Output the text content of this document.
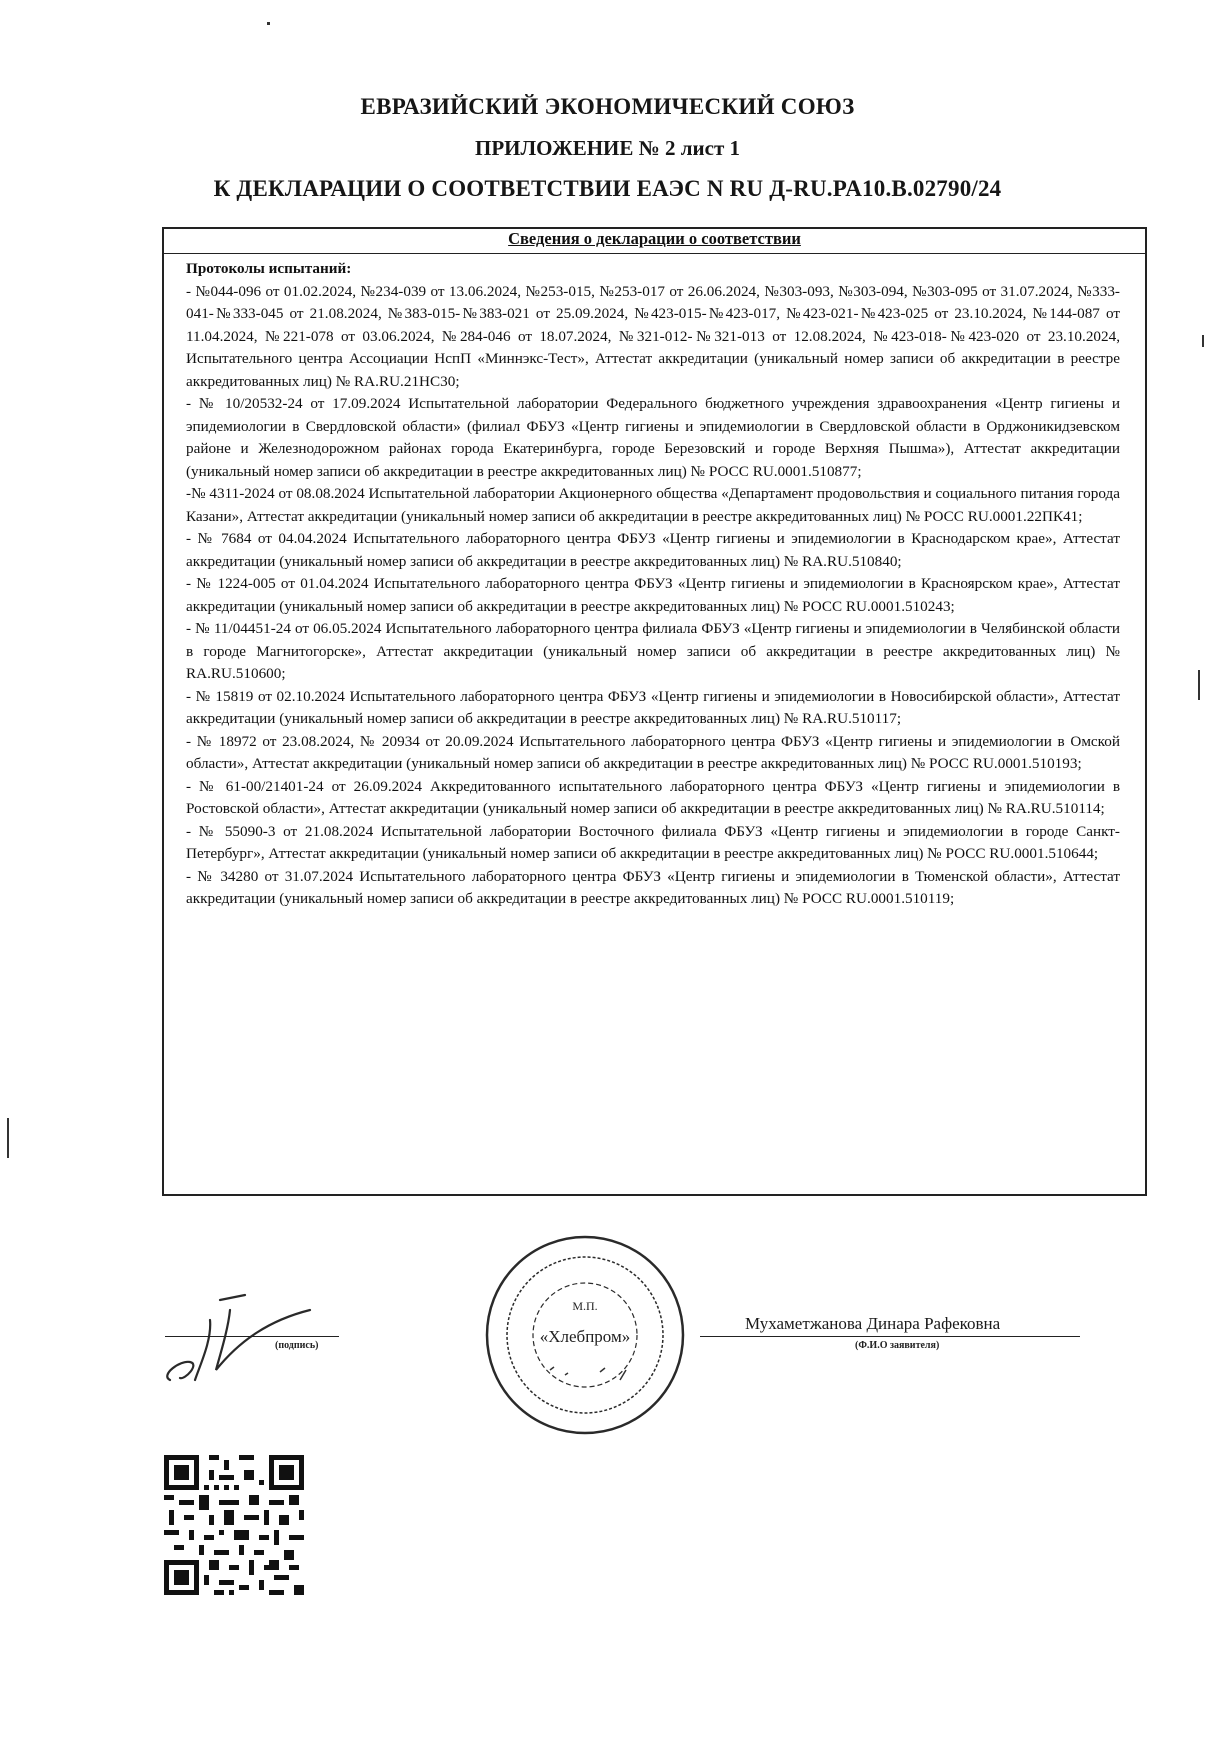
ЕВРАЗИЙСКИЙ ЭКОНОМИЧЕСКИЙ СОЮЗ
ПРИЛОЖЕНИЕ № 2 лист 1
К ДЕКЛАРАЦИИ О СООТВЕТСТВИИ ЕАЭС N RU Д-RU.PA10.B.02790/24
Сведения о декларации о соответствии

Протоколы испытаний:

- №044-096 от 01.02.2024, №234-039 от 13.06.2024, №253-015, №253-017 от 26.06.2024, №303-093, №303-094, №303-095 от 31.07.2024, №333-041-№333-045 от 21.08.2024, №383-015-№383-021 от 25.09.2024, №423-015-№423-017, №423-021-№423-025 от 23.10.2024, №144-087 от 11.04.2024, №221-078 от 03.06.2024, №284-046 от 18.07.2024, №321-012-№321-013 от 12.08.2024, №423-018-№423-020 от 23.10.2024, Испытательного центра Ассоциации НспП «Миннэкс-Тест», Аттестат аккредитации (уникальный номер записи об аккредитации в реестре аккредитованных лиц) № RA.RU.21НС30;

- № 10/20532-24 от 17.09.2024 Испытательной лаборатории Федерального бюджетного учреждения здравоохранения «Центр гигиены и эпидемиологии в Свердловской области» (филиал ФБУЗ «Центр гигиены и эпидемиологии в Свердловской области в Орджоникидзевском районе и Железнодорожном районах города Екатеринбурга, городе Березовский и городе Верхняя Пышма»), Аттестат аккредитации (уникальный номер записи об аккредитации в реестре аккредитованных лиц) № РОСС RU.0001.510877;

-№ 4311-2024 от 08.08.2024 Испытательной лаборатории Акционерного общества «Департамент продовольствия и социального питания города Казани», Аттестат аккредитации (уникальный номер записи об аккредитации в реестре аккредитованных лиц) № РОСС RU.0001.22ПК41;

- № 7684 от 04.04.2024 Испытательного лабораторного центра ФБУЗ «Центр гигиены и эпидемиологии в Краснодарском крае», Аттестат аккредитации (уникальный номер записи об аккредитации в реестре аккредитованных лиц) № RA.RU.510840;

- № 1224-005 от 01.04.2024 Испытательного лабораторного центра ФБУЗ «Центр гигиены и эпидемиологии в Красноярском крае», Аттестат аккредитации (уникальный номер записи об аккредитации в реестре аккредитованных лиц) № РОСС RU.0001.510243;

- № 11/04451-24 от 06.05.2024 Испытательного лабораторного центра филиала ФБУЗ «Центр гигиены и эпидемиологии в Челябинской области в городе Магнитогорске», Аттестат аккредитации (уникальный номер записи об аккредитации в реестре аккредитованных лиц) № RA.RU.510600;

- № 15819 от 02.10.2024 Испытательного лабораторного центра ФБУЗ «Центр гигиены и эпидемиологии в Новосибирской области», Аттестат аккредитации (уникальный номер записи об аккредитации в реестре аккредитованных лиц) № RA.RU.510117;

- № 18972 от 23.08.2024, № 20934 от 20.09.2024 Испытательного лабораторного центра ФБУЗ «Центр гигиены и эпидемиологии в Омской области», Аттестат аккредитации (уникальный номер записи об аккредитации в реестре аккредитованных лиц) № РОСС RU.0001.510193;

- № 61-00/21401-24 от 26.09.2024 Аккредитованного испытательного лабораторного центра ФБУЗ «Центр гигиены и эпидемиологии в Ростовской области», Аттестат аккредитации (уникальный номер записи об аккредитации в реестре аккредитованных лиц) № RA.RU.510114;

- № 55090-3 от 21.08.2024 Испытательной лаборатории Восточного филиала ФБУЗ «Центр гигиены и эпидемиологии в городе Санкт-Петербург», Аттестат аккредитации (уникальный номер записи об аккредитации в реестре аккредитованных лиц) № РОСС RU.0001.510644;

- № 34280 от 31.07.2024 Испытательного лабораторного центра ФБУЗ «Центр гигиены и эпидемиологии в Тюменской области», Аттестат аккредитации (уникальный номер записи об аккредитации в реестре аккредитованных лиц) № РОСС RU.0001.510119;

(подпись)
Мухаметжанова Динара Рафековна
(Ф.И.О заявителя)
М.П.
«Хлебпром»
